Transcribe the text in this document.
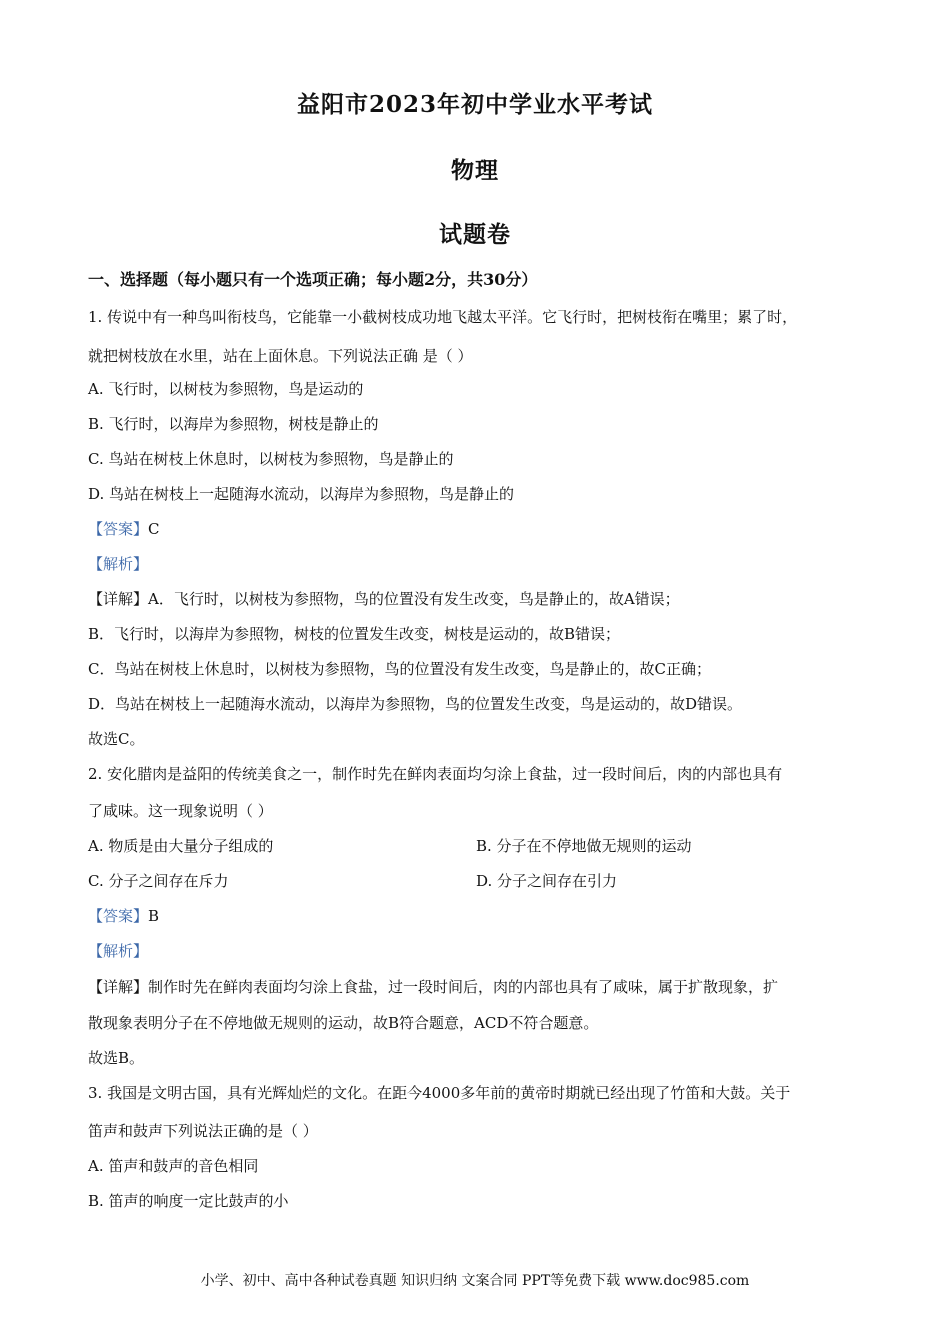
益阳市2023年初中学业水平考试
物理
试题卷
一、选择题（每小题只有一个选项正确；每小题2分，共30分）
1. 传说中有一种鸟叫衔枝鸟，它能靠一小截树枝成功地飞越太平洋。它飞行时，把树枝衔在嘴里；累了时，
就把树枝放在水里，站在上面休息。下列说法正确 是（ ）
A. 飞行时，以树枝为参照物，鸟是运动的
B. 飞行时，以海岸为参照物，树枝是静止的
C. 鸟站在树枝上休息时，以树枝为参照物，鸟是静止的
D. 鸟站在树枝上一起随海水流动，以海岸为参照物，鸟是静止的
【答案】C
【解析】
【详解】A．飞行时，以树枝为参照物，鸟的位置没有发生改变，鸟是静止的，故A错误；
B．飞行时，以海岸为参照物，树枝的位置发生改变，树枝是运动的，故B错误；
C．鸟站在树枝上休息时，以树枝为参照物，鸟的位置没有发生改变，鸟是静止的，故C正确；
D．鸟站在树枝上一起随海水流动，以海岸为参照物，鸟的位置发生改变，鸟是运动的，故D错误。
故选C。
2. 安化腊肉是益阳的传统美食之一，制作时先在鲜肉表面均匀涂上食盐，过一段时间后，肉的内部也具有
了咸味。这一现象说明（ ）
A. 物质是由大量分子组成的	B. 分子在不停地做无规则的运动
C. 分子之间存在斥力	D. 分子之间存在引力
【答案】B
【解析】
【详解】制作时先在鲜肉表面均匀涂上食盐，过一段时间后，肉的内部也具有了咸味，属于扩散现象，扩
散现象表明分子在不停地做无规则的运动，故B符合题意，ACD不符合题意。
故选B。
3. 我国是文明古国，具有光辉灿烂的文化。在距今4000多年前的黄帝时期就已经出现了竹笛和大鼓。关于
笛声和鼓声下列说法正确的是（ ）
A. 笛声和鼓声的音色相同
B. 笛声的响度一定比鼓声的小
小学、初中、高中各种试卷真题 知识归纳 文案合同 PPT等免费下载 www.doc985.com
